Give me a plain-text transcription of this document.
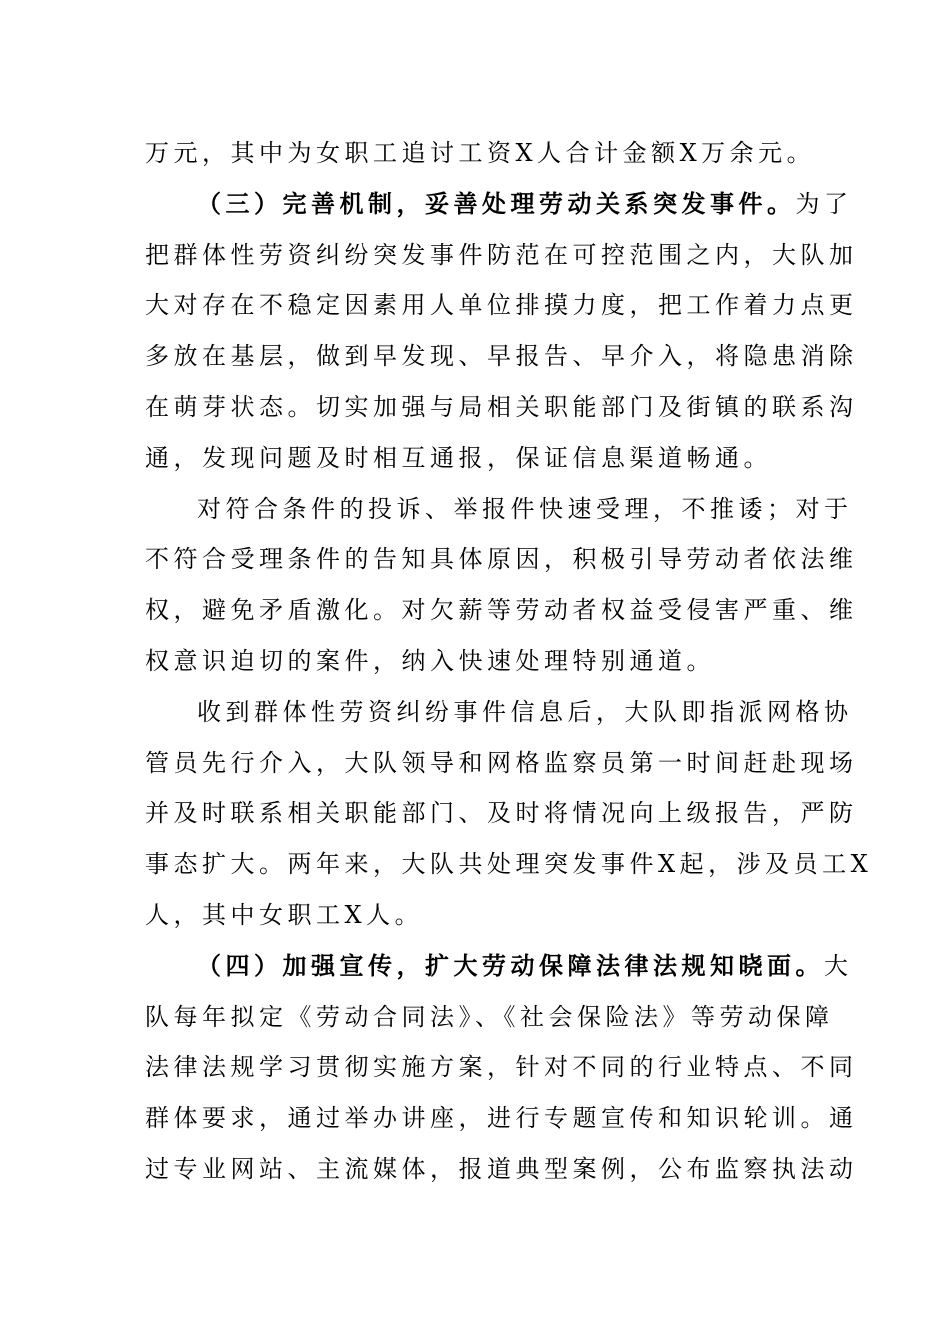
万元，其中为女职工追讨工资X人合计金额X万余元。
（三）完善机制，妥善处理劳动关系突发事件。为了
把群体性劳资纠纷突发事件防范在可控范围之内，大队加
大对存在不稳定因素用人单位排摸力度，把工作着力点更
多放在基层，做到早发现、早报告、早介入，将隐患消除
在萌芽状态。切实加强与局相关职能部门及街镇的联系沟
通，发现问题及时相互通报，保证信息渠道畅通。
对符合条件的投诉、举报件快速受理，不推诿；对于
不符合受理条件的告知具体原因，积极引导劳动者依法维
权，避免矛盾激化。对欠薪等劳动者权益受侵害严重、维
权意识迫切的案件，纳入快速处理特别通道。
收到群体性劳资纠纷事件信息后，大队即指派网格协
管员先行介入，大队领导和网格监察员第一时间赶赴现场
并及时联系相关职能部门、及时将情况向上级报告，严防
事态扩大。两年来，大队共处理突发事件X起，涉及员工X
人，其中女职工X人。
（四）加强宣传，扩大劳动保障法律法规知晓面。大
队每年拟定《劳动合同法》、《社会保险法》等劳动保障
法律法规学习贯彻实施方案，针对不同的行业特点、不同
群体要求，通过举办讲座，进行专题宣传和知识轮训。通
过专业网站、主流媒体，报道典型案例，公布监察执法动
